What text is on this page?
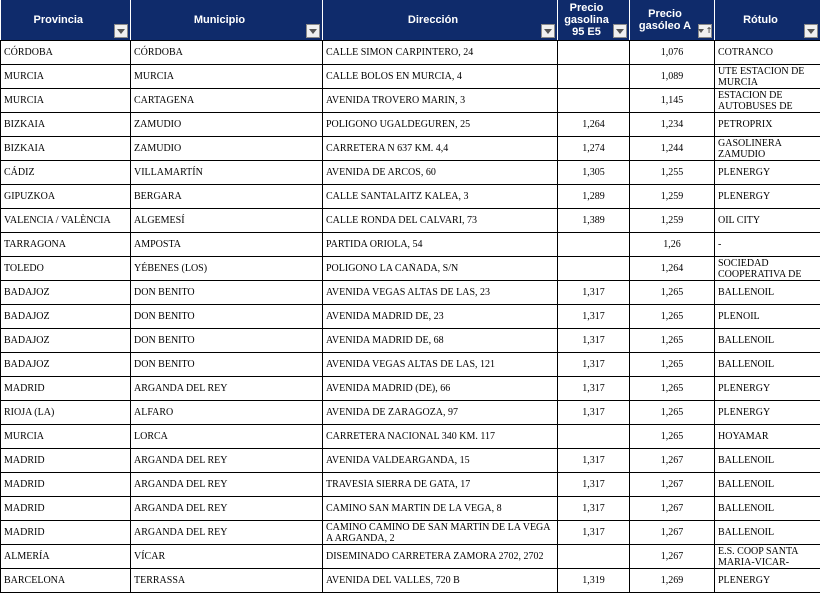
Provincia	Municipio	Dirección	Precio gasolina 95 E5	Precio gasóleo A ↑	Rótulo

CÓRDOBA	CÓRDOBA	CALLE SIMÓN CARPINTERO, 24		1,076	COTRANCO

MURCIA	MURCIA	CALLE BOLOS EN MURCIA, 4		1,089	UTE ESTACION DE MURCIA

MURCIA	CARTAGENA	AVENIDA TROVERO MARIN, 3		1,145	ESTACION DE AUTOBUSES DE

BIZKAIA	ZAMUDIO	POLIGONO UGALDEGUREN, 25	1,264	1,234	PETROPRIX

BIZKAIA	ZAMUDIO	CARRETERA N 637 KM. 4,4	1,274	1,244	GASOLINERA ZAMUDIO

CÁDIZ	VILLAMARTÍN	AVENIDA DE ARCOS, 60	1,305	1,255	PLENERGY

GIPUZKOA	BERGARA	CALLE SANTALAITZ KALEA, 3	1,289	1,259	PLENERGY

VALENCIA / VALÈNCIA	ALGEMESÍ	CALLE RONDA DEL CALVARI, 73	1,389	1,259	OIL CITY

TARRAGONA	AMPOSTA	PARTIDA ORIOLA, 54		1,26	-

TOLEDO	YÉBENES (LOS)	POLIGONO LA CAÑADA, S/N		1,264	SOCIEDAD COOPERATIVA DE

BADAJOZ	DON BENITO	AVENIDA VEGAS ALTAS DE LAS, 23	1,317	1,265	BALLENOIL

BADAJOZ	DON BENITO	AVENIDA MADRID DE, 23	1,317	1,265	PLENOIL

BADAJOZ	DON BENITO	AVENIDA MADRID DE, 68	1,317	1,265	BALLENOIL

BADAJOZ	DON BENITO	AVENIDA VEGAS ALTAS DE LAS, 121	1,317	1,265	BALLENOIL

MADRID	ARGANDA DEL REY	AVENIDA MADRID (DE), 66	1,317	1,265	PLENERGY

RIOJA (LA)	ALFARO	AVENIDA DE ZARAGOZA, 97	1,317	1,265	PLENERGY

MURCIA	LORCA	CARRETERA NACIONAL 340 KM. 117		1,265	HOYAMAR

MADRID	ARGANDA DEL REY	AVENIDA VALDEARGANDA, 15	1,317	1,267	BALLENOIL

MADRID	ARGANDA DEL REY	TRAVESÍA SIERRA DE GATA, 17	1,317	1,267	BALLENOIL

MADRID	ARGANDA DEL REY	CAMINO SAN MARTIN DE LA VEGA, 8	1,317	1,267	BALLENOIL

MADRID	ARGANDA DEL REY	CAMINO CAMINO DE SAN MARTÍN DE LA VEGA A ARGANDA, 2	1,317	1,267	BALLENOIL

ALMERÍA	VÍCAR	DISEMINADO CARRETERA ZAMORA 2702, 2702		1,267	E.S. COOP SANTA MARIA-VICAR-

BARCELONA	TERRASSA	AVENIDA DEL VALLÈS, 720 B	1,319	1,269	PLENERGY
